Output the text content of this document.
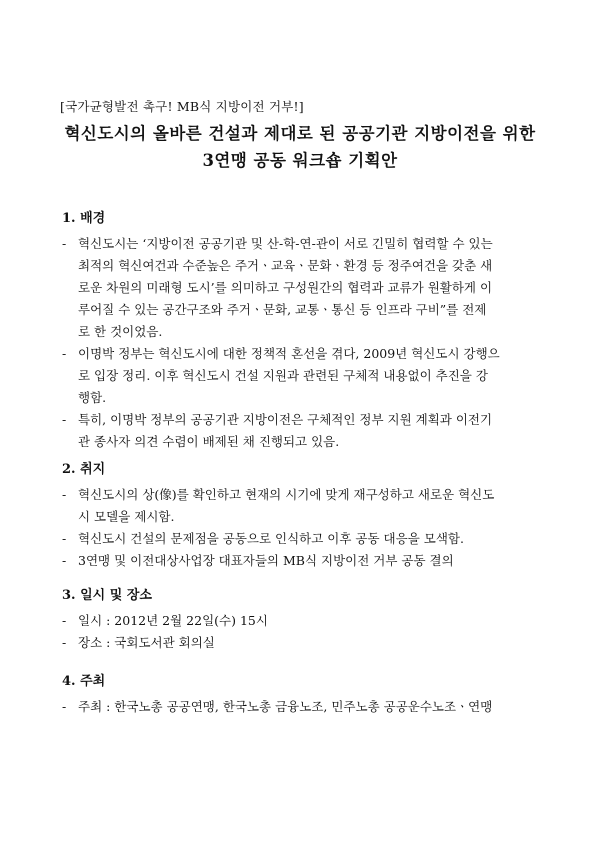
[국가균형발전 촉구! MB식 지방이전 거부!]
혁신도시의 올바른 건설과 제대로 된 공공기관 지방이전을 위한
3연맹 공동 워크숍 기획안
1. 배경
- 혁신도시는 ‘지방이전 공공기관 및 산-학-연-관이 서로 긴밀히 협력할 수 있는
최적의 혁신여건과 수준높은 주거ㆍ교육ㆍ문화ㆍ환경 등 정주여건을 갖춘 새
로운 차원의 미래형 도시’를 의미하고 구성원간의 협력과 교류가 원활하게 이
루어질 수 있는 공간구조와 주거ㆍ문화, 교통ㆍ통신 등 인프라 구비”를 전제
로 한 것이었음.
- 이명박 정부는 혁신도시에 대한 정책적 혼선을 겪다, 2009년 혁신도시 강행으
로 입장 정리. 이후 혁신도시 건설 지원과 관련된 구체적 내용없이 추진을 강
행함.
- 특히, 이명박 정부의 공공기관 지방이전은 구체적인 정부 지원 계획과 이전기
관 종사자 의견 수렴이 배제된 채 진행되고 있음.
2. 취지
- 혁신도시의 상(像)를 확인하고 현재의 시기에 맞게 재구성하고 새로운 혁신도
시 모델을 제시함.
- 혁신도시 건설의 문제점을 공동으로 인식하고 이후 공동 대응을 모색함.
- 3연맹 및 이전대상사업장 대표자들의 MB식 지방이전 거부 공동 결의
3. 일시 및 장소
- 일시 : 2012년 2월 22일(수) 15시
- 장소 : 국회도서관 회의실
4. 주최
- 주최 : 한국노총 공공연맹, 한국노총 금융노조, 민주노총 공공운수노조ㆍ연맹
